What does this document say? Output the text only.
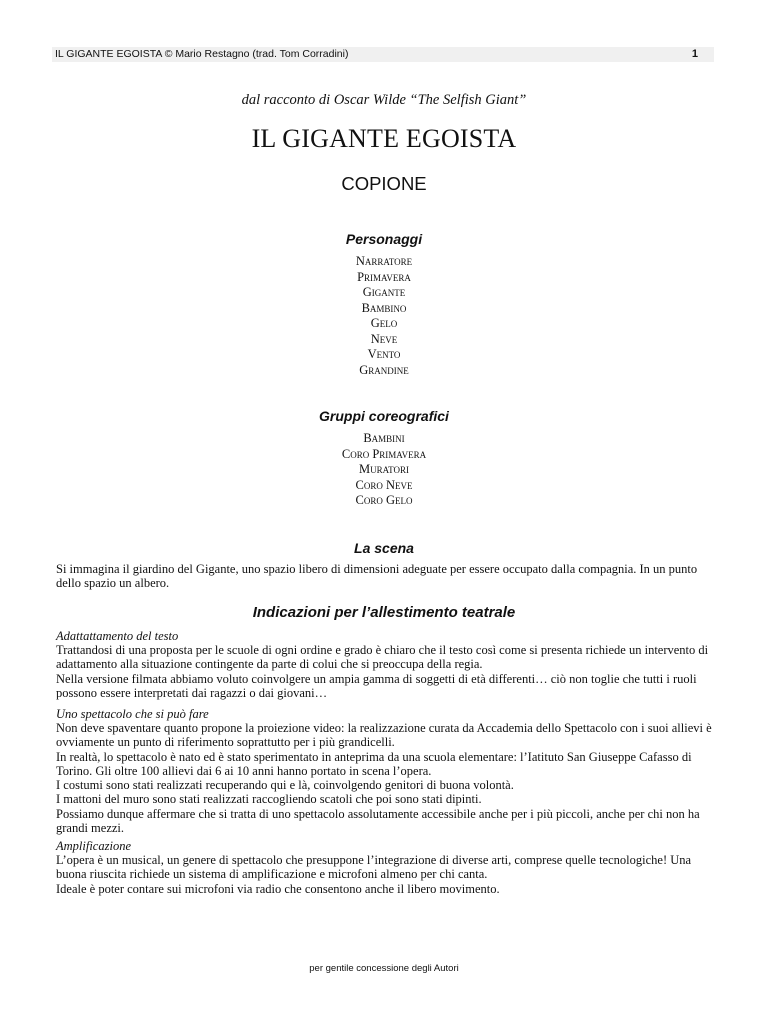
IL GIGANTE EGOISTA © Mario Restagno (trad. Tom Corradini)	1
dal racconto di Oscar Wilde “The Selfish Giant”
IL GIGANTE EGOISTA
COPIONE
Personaggi
Narratore
Primavera
Gigante
Bambino
Gelo
Neve
Vento
Grandine
Gruppi coreografici
Bambini
Coro Primavera
Muratori
Coro Neve
Coro Gelo
La scena

Si immagina il giardino del Gigante, uno spazio libero di dimensioni adeguate per essere occupato dalla compagnia. In un punto dello spazio un albero.

Indicazioni per l’allestimento teatrale
Adattattamento del testo
Trattandosi di una proposta per le scuole di ogni ordine e grado è chiaro che il testo così come si presenta richiede un intervento di adattamento alla situazione contingente da parte di colui che si preoccupa della regia.
Nella versione filmata abbiamo voluto coinvolgere un ampia gamma di soggetti di età differenti… ciò non toglie che tutti i ruoli possono essere interpretati dai ragazzi o dai giovani…
Uno spettacolo che si può fare
Non deve spaventare quanto propone la proiezione video: la realizzazione curata da Accademia dello Spettacolo con i suoi allievi è ovviamente un punto di riferimento soprattutto per i più grandicelli.
In realtà, lo spettacolo è nato ed è stato sperimentato in anteprima da una scuola elementare: l’Iatituto San Giuseppe Cafasso di Torino. Gli oltre 100 allievi dai 6 ai 10 anni hanno portato in scena l’opera.
I costumi sono stati realizzati recuperando qui e là, coinvolgendo genitori di buona volontà.
I mattoni del muro sono stati realizzati raccogliendo scatoli che poi sono stati dipinti.
Possiamo dunque affermare che si tratta di uno spettacolo assolutamente accessibile anche per i più piccoli, anche per chi non ha grandi mezzi.
Amplificazione
L’opera è un musical, un genere di spettacolo che presuppone l’integrazione di diverse arti, comprese quelle tecnologiche! Una buona riuscita richiede un sistema di amplificazione e microfoni almeno per chi canta.
Ideale è poter contare sui microfoni via radio che consentono anche il libero movimento.
per gentile concessione degli Autori
